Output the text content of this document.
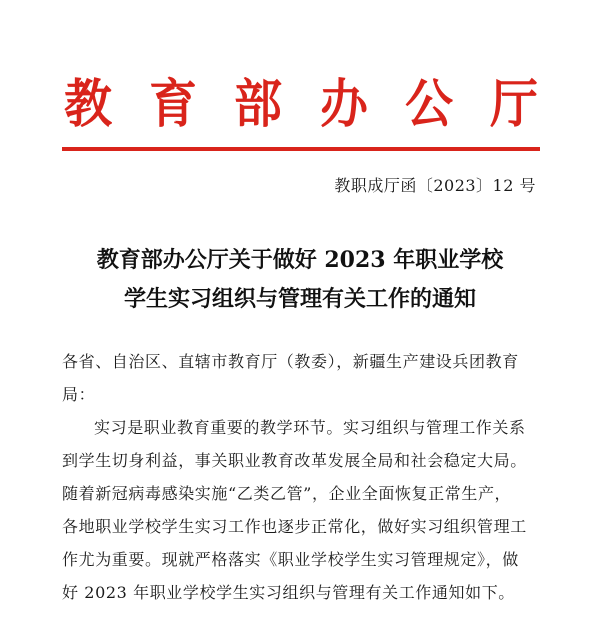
教 育 部 办 公 厅
教职成厅函〔2023〕12 号
教育部办公厅关于做好 2023 年职业学校
学生实习组织与管理有关工作的通知
各省、自治区、直辖市教育厅（教委），新疆生产建设兵团教育
局：
实习是职业教育重要的教学环节。实习组织与管理工作关系
到学生切身利益，事关职业教育改革发展全局和社会稳定大局。
随着新冠病毒感染实施“乙类乙管”，企业全面恢复正常生产，
各地职业学校学生实习工作也逐步正常化，做好实习组织管理工
作尤为重要。现就严格落实《职业学校学生实习管理规定》，做
好 2023 年职业学校学生实习组织与管理有关工作通知如下。
